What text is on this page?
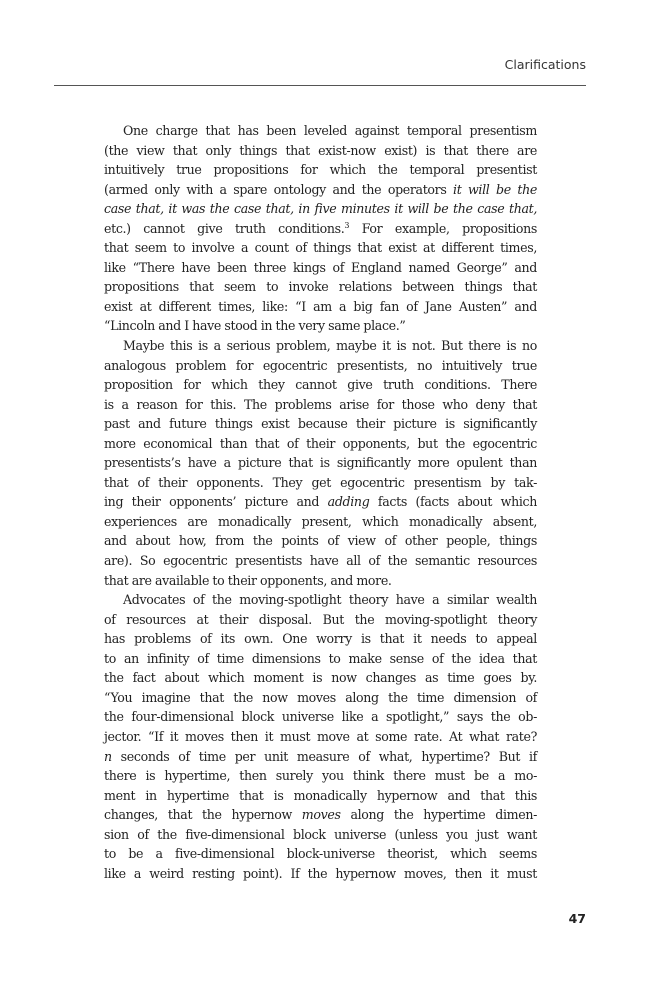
Clarifications
One charge that has been leveled against temporal presentism
(the view that only things that exist-now exist) is that there are
intuitively true propositions for which the temporal presentist
(armed only with a spare ontology and the operators it will be the
case that, it was the case that, in five minutes it will be the case that,
etc.) cannot give truth conditions.$^3$ For example, propositions
that seem to involve a count of things that exist at different times,
like “There have been three kings of England named George” and
propositions that seem to invoke relations between things that
exist at different times, like: “I am a big fan of Jane Austen” and
“Lincoln and I have stood in the very same place.”
Maybe this is a serious problem, maybe it is not. But there is no
analogous problem for egocentric presentists, no intuitively true
proposition for which they cannot give truth conditions. There
is a reason for this. The problems arise for those who deny that
past and future things exist because their picture is significantly
more economical than that of their opponents, but the egocentric
presentists’s have a picture that is significantly more opulent than
that of their opponents. They get egocentric presentism by tak-
ing their opponents’ picture and adding facts (facts about which
experiences are monadically present, which monadically absent,
and about how, from the points of view of other people, things
are). So egocentric presentists have all of the semantic resources
that are available to their opponents, and more.
Advocates of the moving-spotlight theory have a similar wealth
of resources at their disposal. But the moving-spotlight theory
has problems of its own. One worry is that it needs to appeal
to an infinity of time dimensions to make sense of the idea that
the fact about which moment is now changes as time goes by.
“You imagine that the now moves along the time dimension of
the four-dimensional block universe like a spotlight,” says the ob-
jector. “If it moves then it must move at some rate. At what rate?
n seconds of time per unit measure of what, hypertime? But if
there is hypertime, then surely you think there must be a mo-
ment in hypertime that is monadically hypernow and that this
changes, that the hypernow moves along the hypertime dimen-
sion of the five-dimensional block universe (unless you just want
to be a five-dimensional block-universe theorist, which seems
like a weird resting point). If the hypernow moves, then it must
47
